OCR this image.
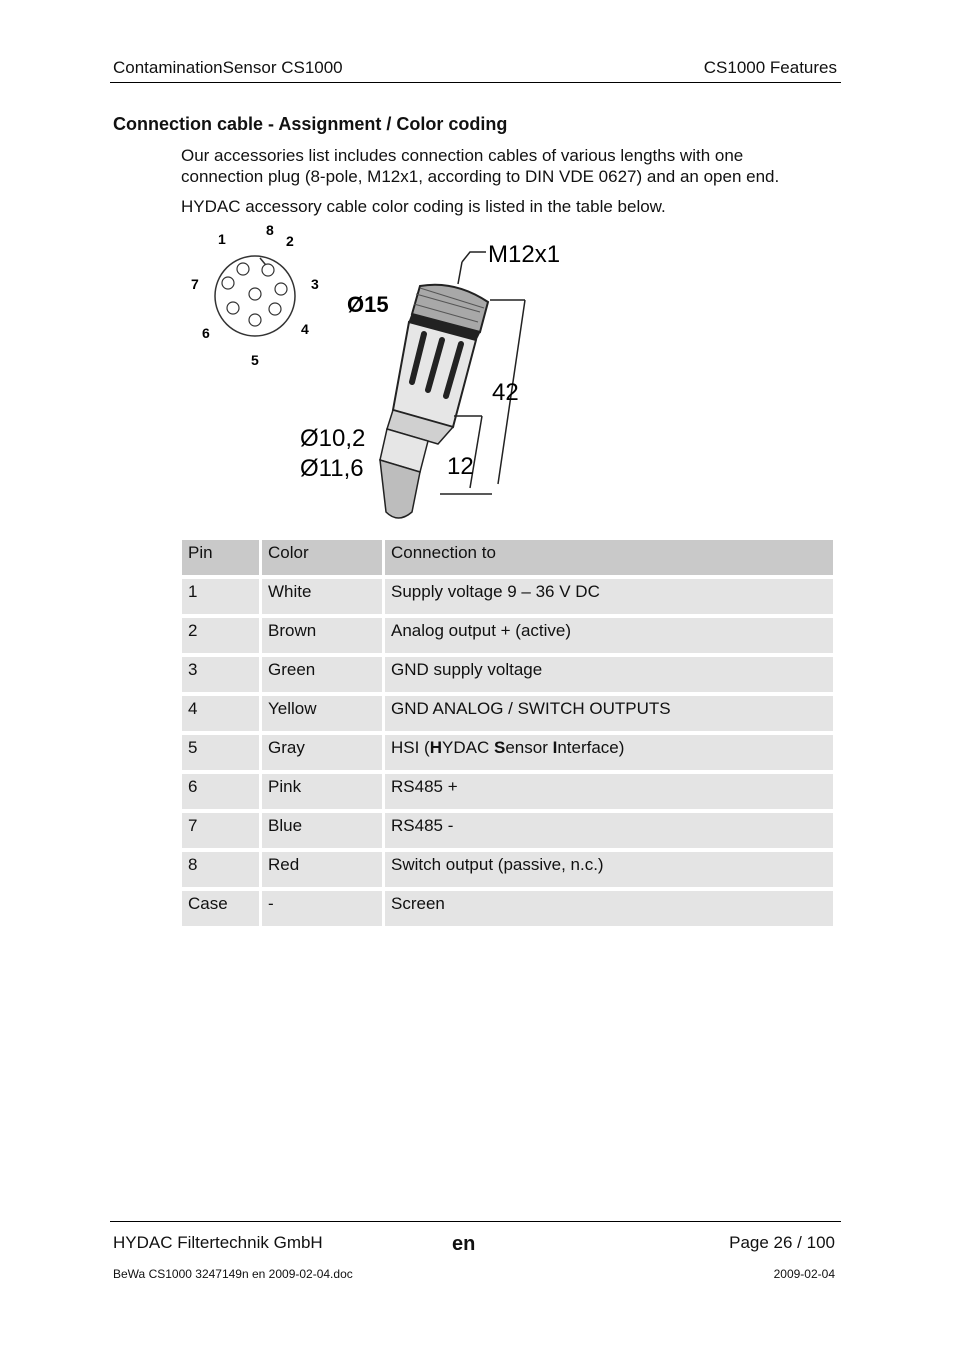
ContaminationSensor CS1000	CS1000 Features
Connection cable - Assignment / Color coding
Our accessories list includes connection cables of various lengths with one connection plug (8-pole, M12x1, according to DIN VDE 0627) and an open end.
HYDAC accessory cable color coding is listed in the table below.
1
8
2
7	3
6	4
5
M12x1
Ø15
42
Ø10,2
Ø11,6	12
Pin	Color	Connection to
1	White	Supply voltage 9 – 36 V DC
2	Brown	Analog output + (active)
3	Green	GND supply voltage
4	Yellow	GND ANALOG / SWITCH OUTPUTS
5	Gray	HSI (HYDAC Sensor Interface)
6	Pink	RS485 +
7	Blue	RS485 -
8	Red	Switch output (passive, n.c.)
Case	-	Screen
HYDAC Filtertechnik GmbH	en	Page 26 / 100
BeWa CS1000 3247149n en 2009-02-04.doc	2009-02-04
